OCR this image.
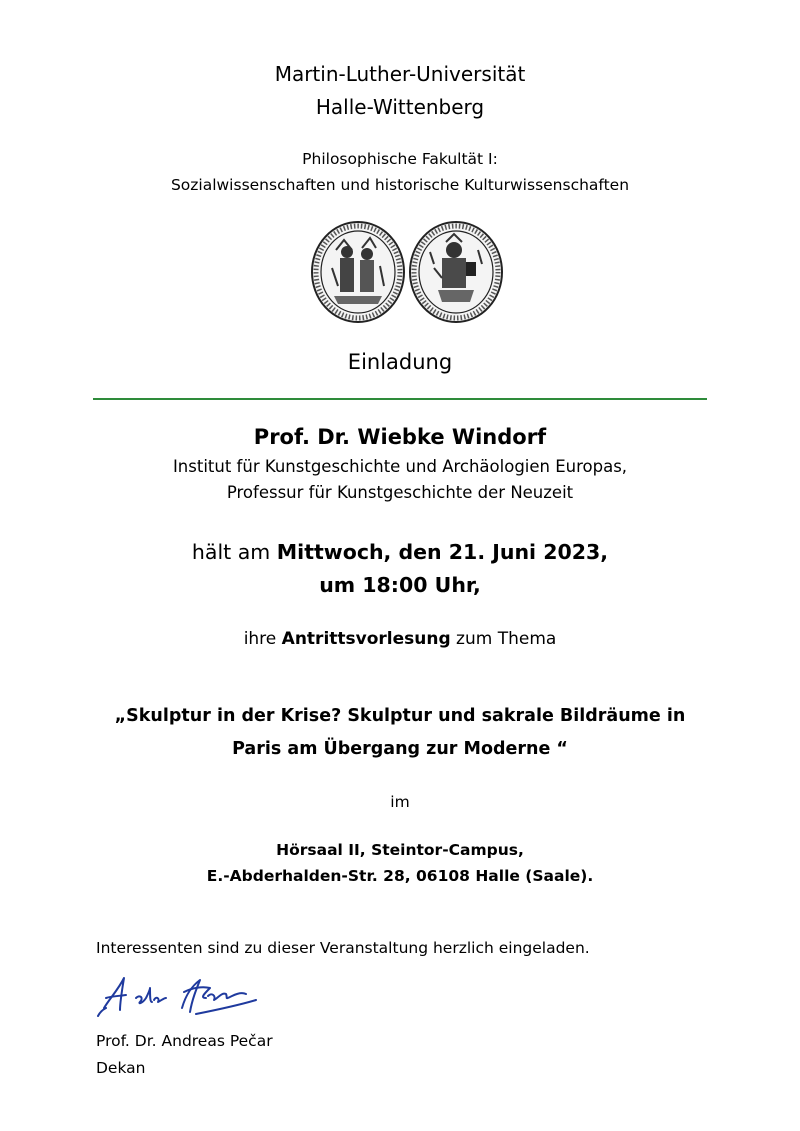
Martin-Luther-Universität
Halle-Wittenberg
Philosophische Fakultät I:
Sozialwissenschaften und historische Kulturwissenschaften
Einladung
Prof. Dr. Wiebke Windorf
Institut für Kunstgeschichte und Archäologien Europas,
Professur für Kunstgeschichte der Neuzeit
hält am Mittwoch, den 21. Juni 2023,
um 18:00 Uhr,
ihre Antrittsvorlesung zum Thema
„Skulptur in der Krise? Skulptur und sakrale Bildräume in
Paris am Übergang zur Moderne “
im
Hörsaal II, Steintor-Campus,
E.-Abderhalden-Str. 28, 06108 Halle (Saale).
Interessenten sind zu dieser Veranstaltung herzlich eingeladen.
Prof. Dr. Andreas Pečar
Dekan
